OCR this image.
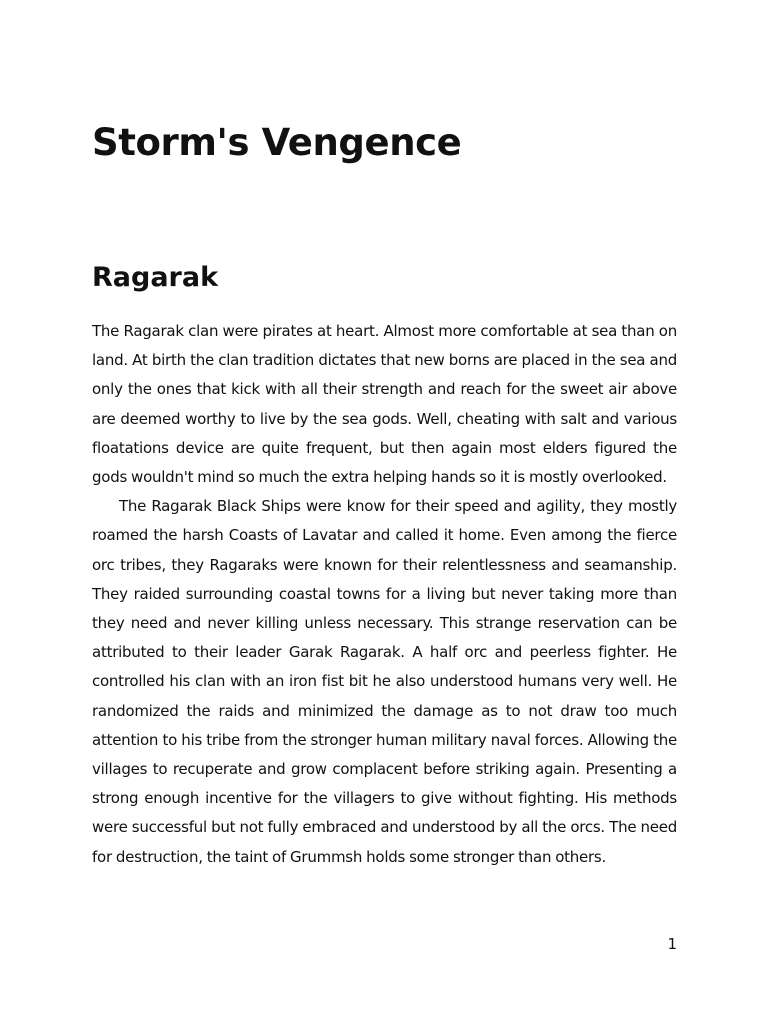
Storm's Vengence
Ragarak

The Ragarak clan were pirates at heart. Almost more comfortable at sea than on land. At birth the clan tradition dictates that new borns are placed in the sea and only the ones that kick with all their strength and reach for the sweet air above are deemed worthy to live by the sea gods. Well, cheating with salt and various floatations device are quite frequent, but then again most elders figured the gods wouldn't mind so much the extra helping hands so it is mostly overlooked.

The Ragarak Black Ships were know for their speed and agility, they mostly roamed the harsh Coasts of Lavatar and called it home. Even among the fierce orc tribes, they Ragaraks were known for their relentlessness and seamanship. They raided surrounding coastal towns for a living but never taking more than they need and never killing unless necessary. This strange reservation can be attributed to their leader Garak Ragarak. A half orc and peerless fighter. He controlled his clan with an iron fist bit he also understood humans very well. He randomized the raids and minimized the damage as to not draw too much attention to his tribe from the stronger human military naval forces. Allowing the villages to recuperate and grow complacent before striking again. Presenting a strong enough incentive for the villagers to give without fighting. His methods were successful but not fully embraced and understood by all the orcs. The need for destruction, the taint of Grummsh holds some stronger than others.

1
